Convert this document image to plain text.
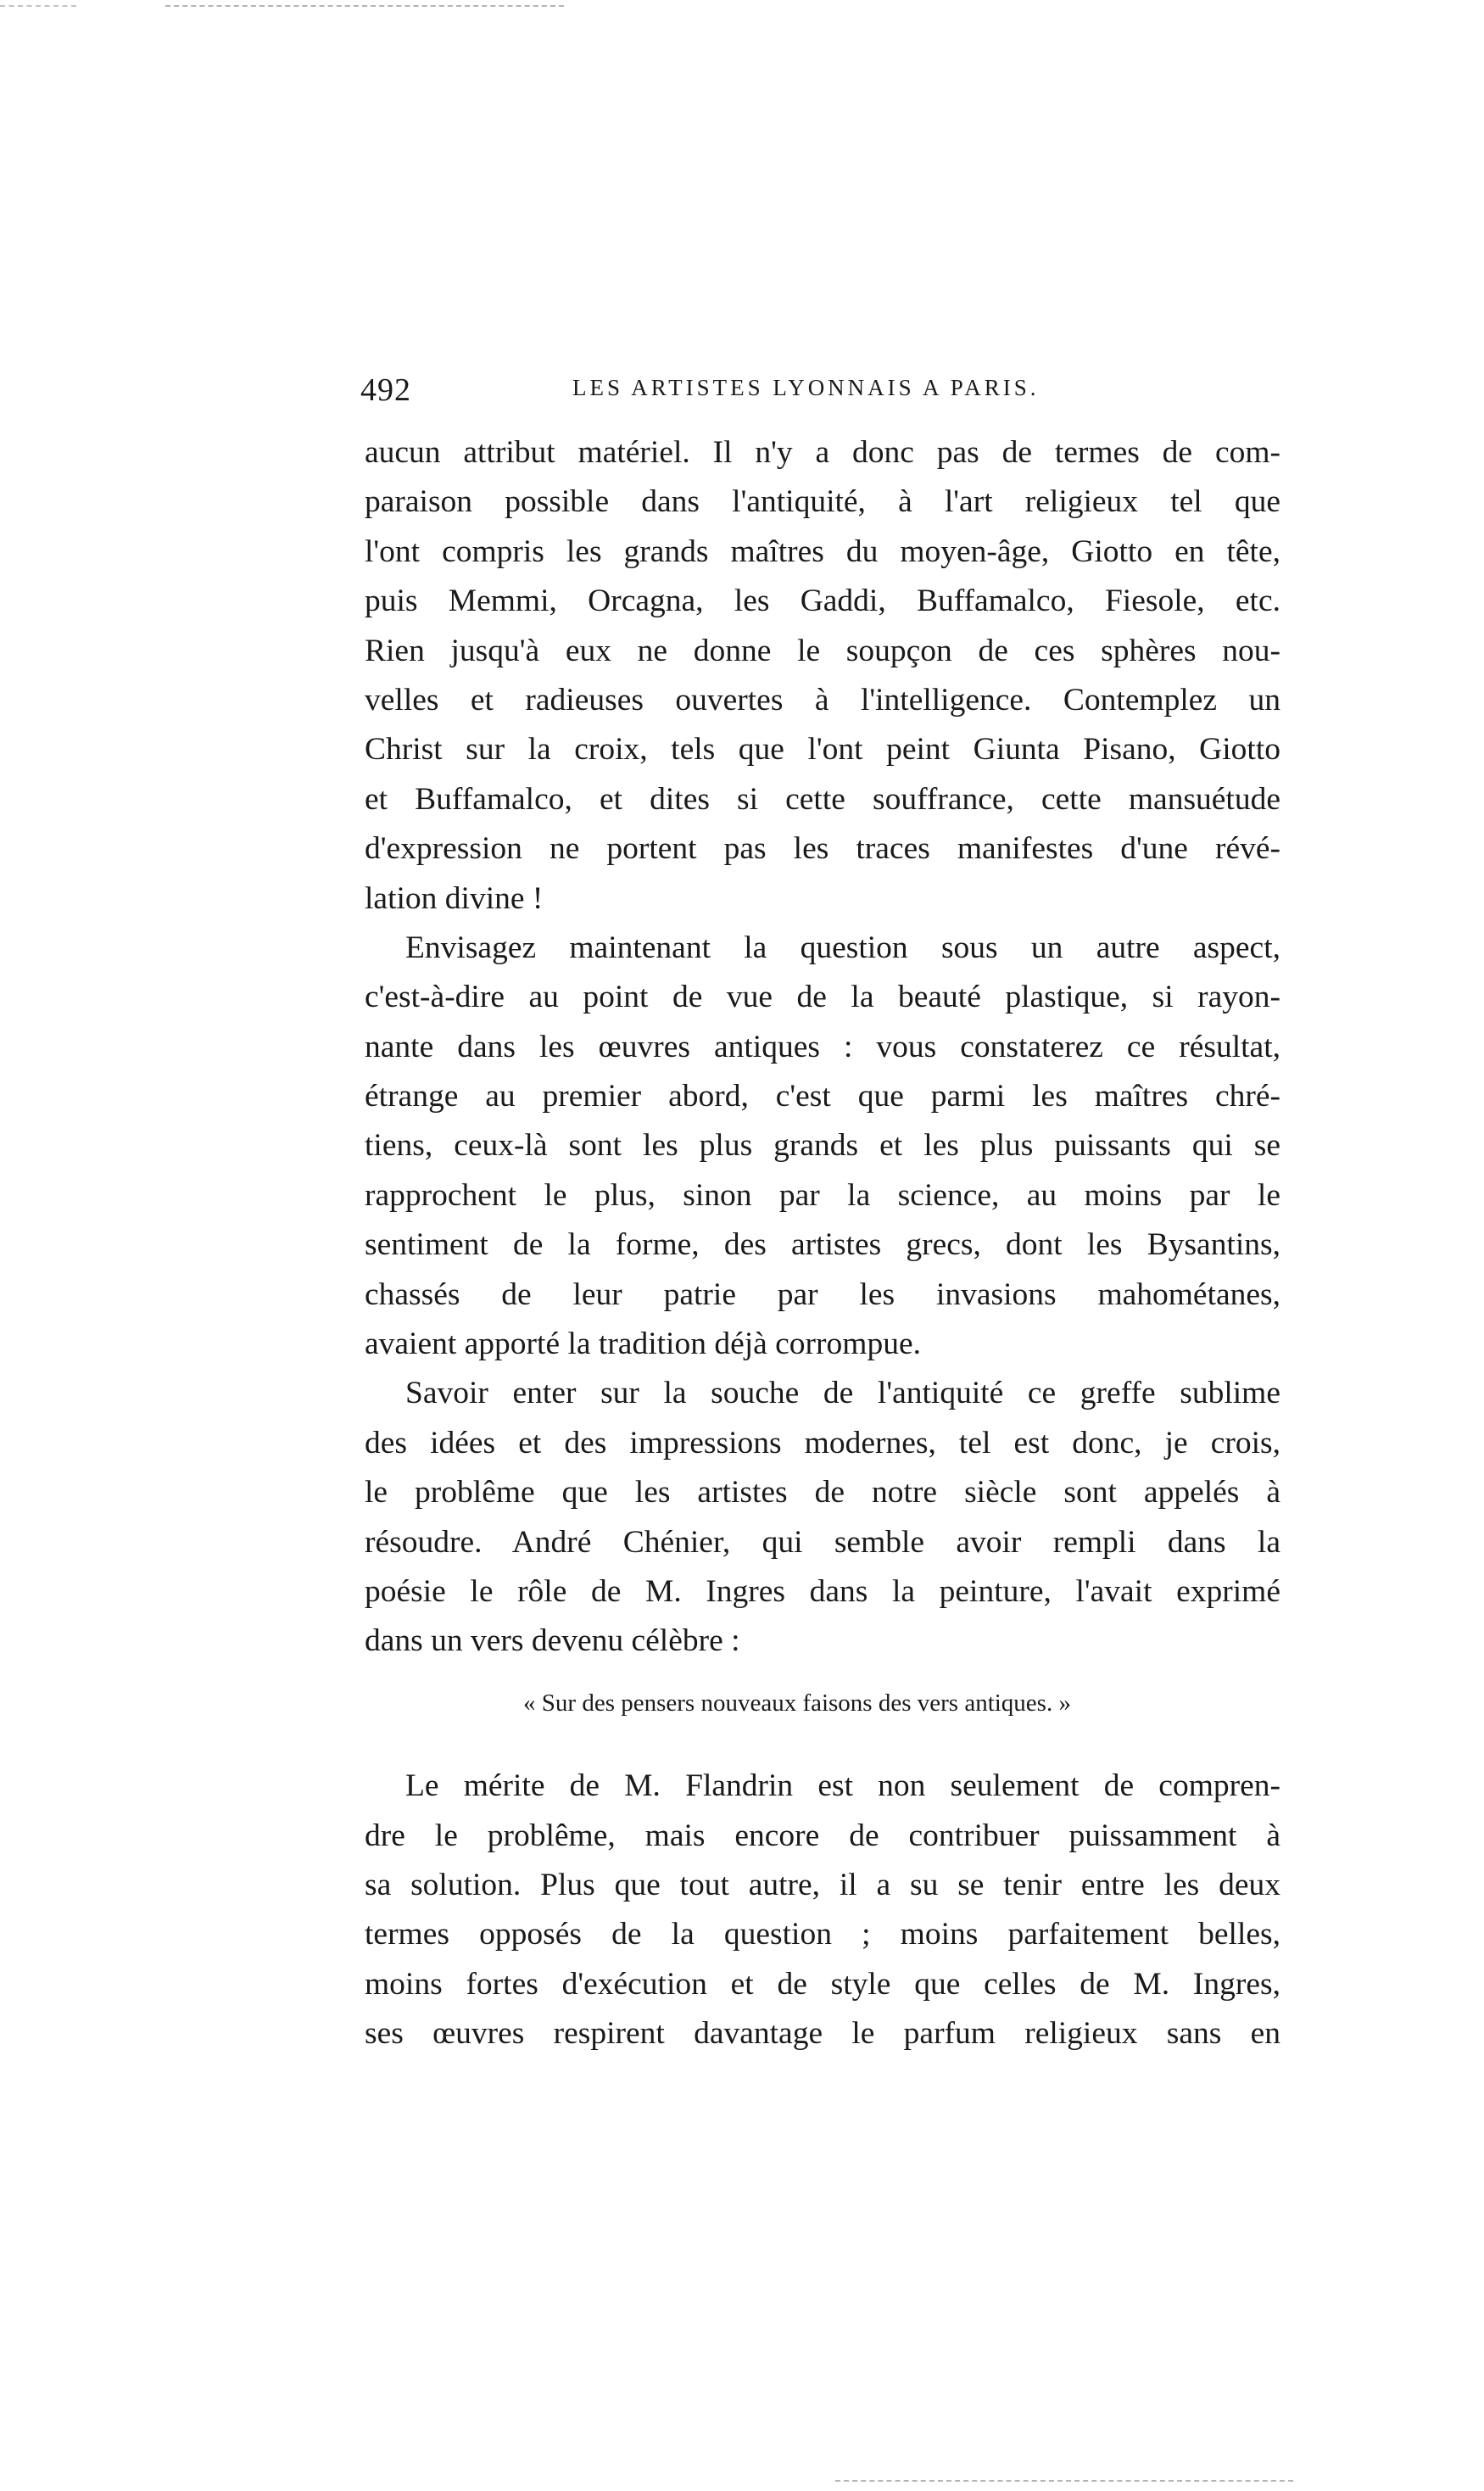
492	LES ARTISTES LYONNAIS A PARIS.
aucun attribut matériel. Il n'y a donc pas de termes de com-
paraison possible dans l'antiquité, à l'art religieux tel que
l'ont compris les grands maîtres du moyen-âge, Giotto en tête,
puis Memmi, Orcagna, les Gaddi, Buffamalco, Fiesole, etc.
Rien jusqu'à eux ne donne le soupçon de ces sphères nou-
velles et radieuses ouvertes à l'intelligence. Contemplez un
Christ sur la croix, tels que l'ont peint Giunta Pisano, Giotto
et Buffamalco, et dites si cette souffrance, cette mansuétude
d'expression ne portent pas les traces manifestes d'une révé-
lation divine !
Envisagez maintenant la question sous un autre aspect,
c'est-à-dire au point de vue de la beauté plastique, si rayon-
nante dans les œuvres antiques : vous constaterez ce résultat,
étrange au premier abord, c'est que parmi les maîtres chré-
tiens, ceux-là sont les plus grands et les plus puissants qui se
rapprochent le plus, sinon par la science, au moins par le
sentiment de la forme, des artistes grecs, dont les Bysantins,
chassés de leur patrie par les invasions mahométanes,
avaient apporté la tradition déjà corrompue.
Savoir enter sur la souche de l'antiquité ce greffe sublime
des idées et des impressions modernes, tel est donc, je crois,
le problême que les artistes de notre siècle sont appelés à
résoudre. André Chénier, qui semble avoir rempli dans la
poésie le rôle de M. Ingres dans la peinture, l'avait exprimé
dans un vers devenu célèbre :
« Sur des pensers nouveaux faisons des vers antiques. »
Le mérite de M. Flandrin est non seulement de compren-
dre le problême, mais encore de contribuer puissamment à
sa solution. Plus que tout autre, il a su se tenir entre les deux
termes opposés de la question ; moins parfaitement belles,
moins fortes d'exécution et de style que celles de M. Ingres,
ses œuvres respirent davantage le parfum religieux sans en
